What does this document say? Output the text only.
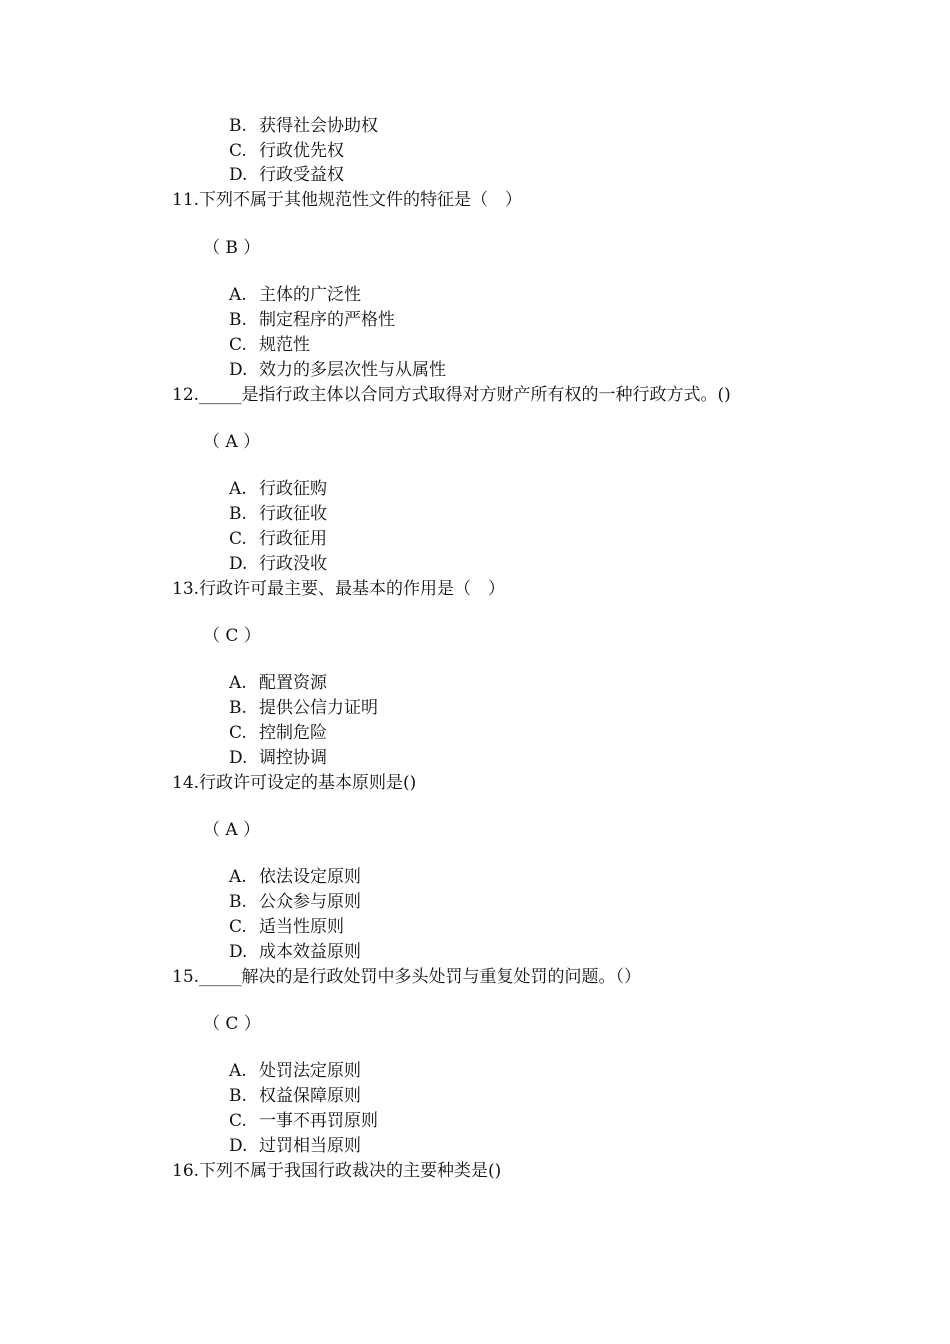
B. 获得社会协助权
C. 行政优先权
D. 行政受益权
11.下列不属于其他规范性文件的特征是（　）
（ B ）
A. 主体的广泛性
B. 制定程序的严格性
C. 规范性
D. 效力的多层次性与从属性
12._____是指行政主体以合同方式取得对方财产所有权的一种行政方式。()
（ A ）
A. 行政征购
B. 行政征收
C. 行政征用
D. 行政没收
13.行政许可最主要、最基本的作用是（　）
（ C ）
A. 配置资源
B. 提供公信力证明
C. 控制危险
D. 调控协调
14.行政许可设定的基本原则是()
（ A ）
A. 依法设定原则
B. 公众参与原则
C. 适当性原则
D. 成本效益原则
15._____解决的是行政处罚中多头处罚与重复处罚的问题。（）
（ C ）
A. 处罚法定原则
B. 权益保障原则
C. 一事不再罚原则
D. 过罚相当原则
16.下列不属于我国行政裁决的主要种类是()
